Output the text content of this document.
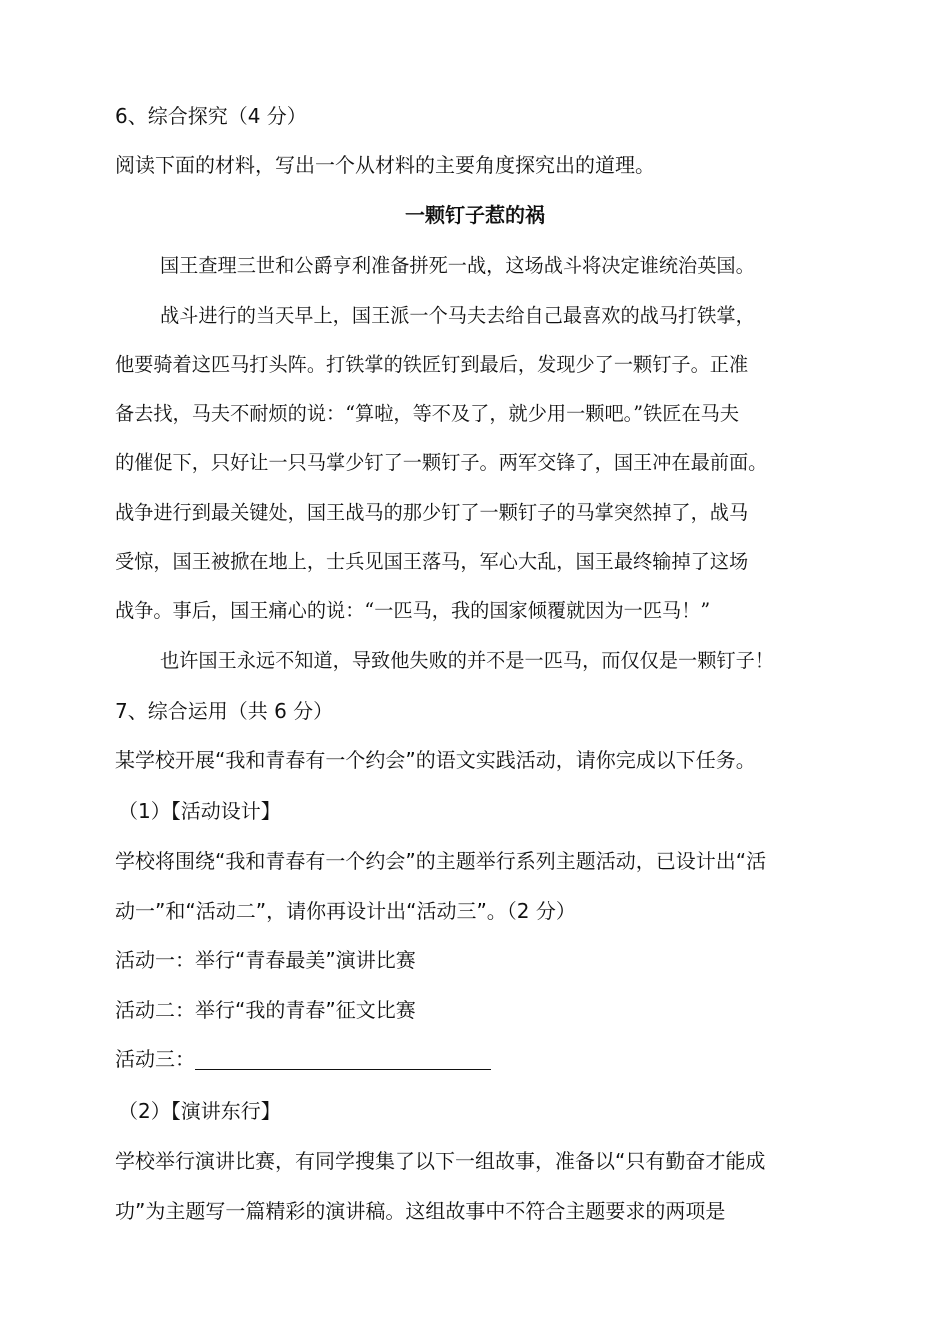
6、综合探究（4 分）
阅读下面的材料，写出一个从材料的主要角度探究出的道理。
一颗钉子惹的祸
国王查理三世和公爵亨利准备拼死一战，这场战斗将决定谁统治英国。
战斗进行的当天早上，国王派一个马夫去给自己最喜欢的战马打铁掌，
他要骑着这匹马打头阵。打铁掌的铁匠钉到最后，发现少了一颗钉子。正准
备去找，马夫不耐烦的说：“算啦，等不及了，就少用一颗吧。”铁匠在马夫
的催促下，只好让一只马掌少钉了一颗钉子。两军交锋了，国王冲在最前面。
战争进行到最关键处，国王战马的那少钉了一颗钉子的马掌突然掉了，战马
受惊，国王被掀在地上，士兵见国王落马，军心大乱，国王最终输掉了这场
战争。事后，国王痛心的说：“一匹马，我的国家倾覆就因为一匹马！”
也许国王永远不知道，导致他失败的并不是一匹马，而仅仅是一颗钉子！
7、综合运用（共 6 分）
某学校开展“我和青春有一个约会”的语文实践活动，请你完成以下任务。
（1）【活动设计】
学校将围绕“我和青春有一个约会”的主题举行系列主题活动，已设计出“活
动一”和“活动二”，请你再设计出“活动三”。（2 分）
活动一：举行“青春最美”演讲比赛
活动二：举行“我的青春”征文比赛
活动三：
（2）【演讲东行】
学校举行演讲比赛，有同学搜集了以下一组故事，准备以“只有勤奋才能成
功”为主题写一篇精彩的演讲稿。这组故事中不符合主题要求的两项是
